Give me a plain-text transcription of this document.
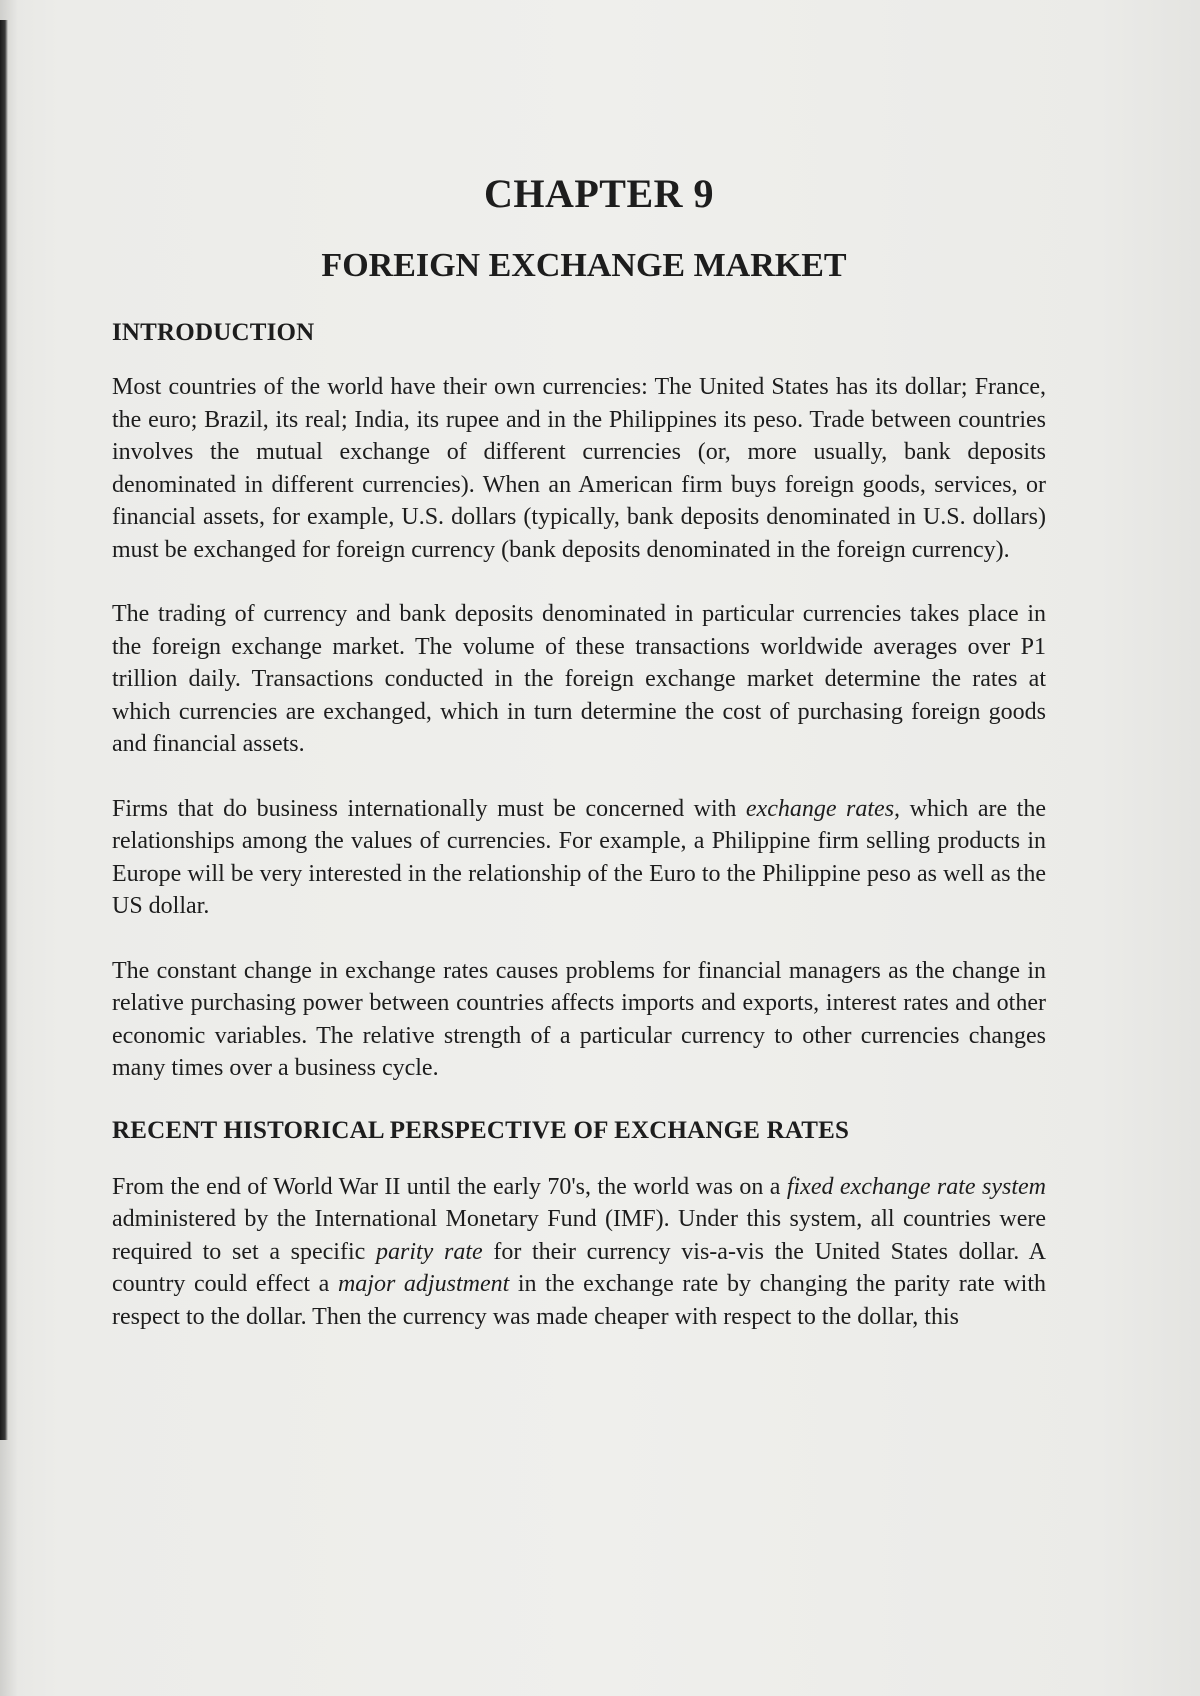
CHAPTER 9
FOREIGN EXCHANGE MARKET
INTRODUCTION

Most countries of the world have their own currencies: The United States has its dollar; France, the euro; Brazil, its real; India, its rupee and in the Philippines its peso. Trade between countries involves the mutual exchange of different currencies (or, more usually, bank deposits denominated in different currencies). When an American firm buys foreign goods, services, or financial assets, for example, U.S. dollars (typically, bank deposits denominated in U.S. dollars) must be exchanged for foreign currency (bank deposits denominated in the foreign currency).

The trading of currency and bank deposits denominated in particular currencies takes place in the foreign exchange market. The volume of these transactions worldwide averages over P1 trillion daily. Transactions conducted in the foreign exchange market determine the rates at which currencies are exchanged, which in turn determine the cost of purchasing foreign goods and financial assets.

Firms that do business internationally must be concerned with exchange rates, which are the relationships among the values of currencies. For example, a Philippine firm selling products in Europe will be very interested in the relationship of the Euro to the Philippine peso as well as the US dollar.

The constant change in exchange rates causes problems for financial managers as the change in relative purchasing power between countries affects imports and exports, interest rates and other economic variables. The relative strength of a particular currency to other currencies changes many times over a business cycle.

RECENT HISTORICAL PERSPECTIVE OF EXCHANGE RATES

From the end of World War II until the early 70's, the world was on a fixed exchange rate system administered by the International Monetary Fund (IMF). Under this system, all countries were required to set a specific parity rate for their currency vis-a-vis the United States dollar. A country could effect a major adjustment in the exchange rate by changing the parity rate with respect to the dollar. Then the currency was made cheaper with respect to the dollar, this
